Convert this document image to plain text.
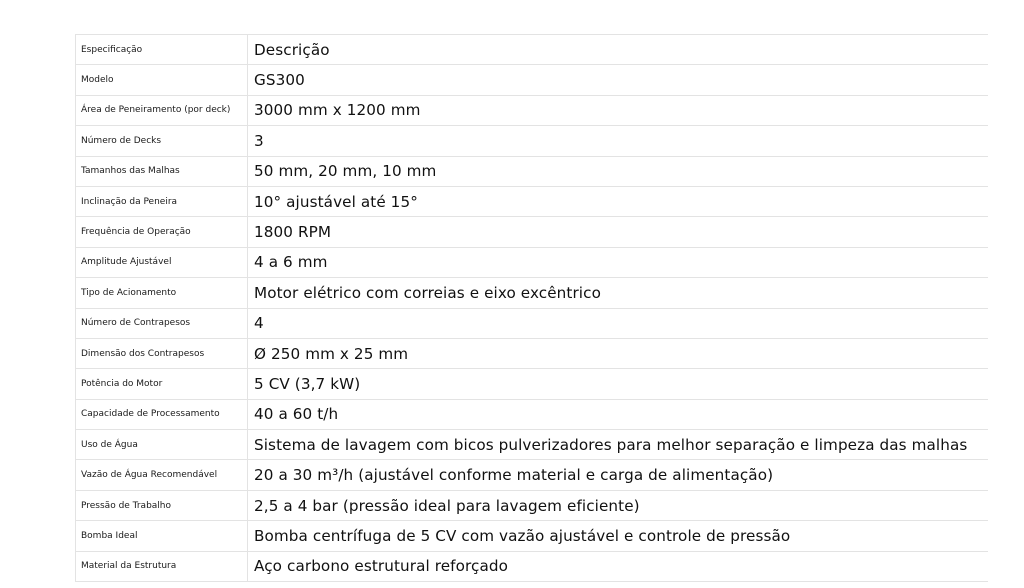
Especificação	Descrição
Modelo	GS300
Área de Peneiramento (por deck)	3000 mm x 1200 mm
Número de Decks	3
Tamanhos das Malhas	50 mm, 20 mm, 10 mm
Inclinação da Peneira	10° ajustável até 15°
Frequência de Operação	1800 RPM
Amplitude Ajustável	4 a 6 mm
Tipo de Acionamento	Motor elétrico com correias e eixo excêntrico
Número de Contrapesos	4
Dimensão dos Contrapesos	Ø 250 mm x 25 mm
Potência do Motor	5 CV (3,7 kW)
Capacidade de Processamento	40 a 60 t/h
Uso de Água	Sistema de lavagem com bicos pulverizadores para melhor separação e limpeza das malhas
Vazão de Água Recomendável	20 a 30 m³/h (ajustável conforme material e carga de alimentação)
Pressão de Trabalho	2,5 a 4 bar (pressão ideal para lavagem eficiente)
Bomba Ideal	Bomba centrífuga de 5 CV com vazão ajustável e controle de pressão
Material da Estrutura	Aço carbono estrutural reforçado
